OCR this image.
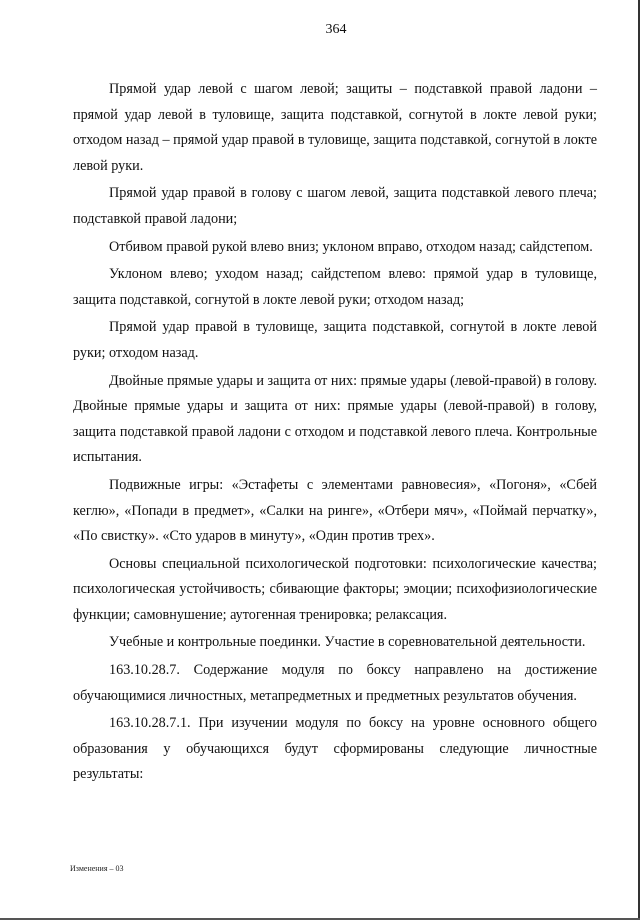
364

Прямой удар левой с шагом левой; защиты – подставкой правой ладони – прямой удар левой в туловище, защита подставкой, согнутой в локте левой руки; отходом назад – прямой удар правой в туловище, защита подставкой, согнутой в локте левой руки.

Прямой удар правой в голову с шагом левой, защита подставкой левого плеча; подставкой правой ладони;

Отбивом правой рукой влево вниз; уклоном вправо, отходом назад; сайдстепом.

Уклоном влево; уходом назад; сайдстепом влево: прямой удар в туловище, защита подставкой, согнутой в локте левой руки; отходом назад;

Прямой удар правой в туловище, защита подставкой, согнутой в локте левой руки; отходом назад.

Двойные прямые удары и защита от них: прямые удары (левой-правой) в голову. Двойные прямые удары и защита от них: прямые удары (левой-правой) в голову, защита подставкой правой ладони с отходом и подставкой левого плеча. Контрольные испытания.

Подвижные игры: «Эстафеты с элементами равновесия», «Погоня», «Сбей кеглю», «Попади в предмет», «Салки на ринге», «Отбери мяч», «Поймай перчатку», «По свистку». «Сто ударов в минуту», «Один против трех».

Основы специальной психологической подготовки: психологические качества; психологическая устойчивость; сбивающие факторы; эмоции; психофизиологические функции; самовнушение; аутогенная тренировка; релаксация.

Учебные и контрольные поединки. Участие в соревновательной деятельности.

163.10.28.7. Содержание модуля по боксу направлено на достижение обучающимися личностных, метапредметных и предметных результатов обучения.

163.10.28.7.1. При изучении модуля по боксу на уровне основного общего образования у обучающихся будут сформированы следующие личностные результаты:

Изменения – 03
